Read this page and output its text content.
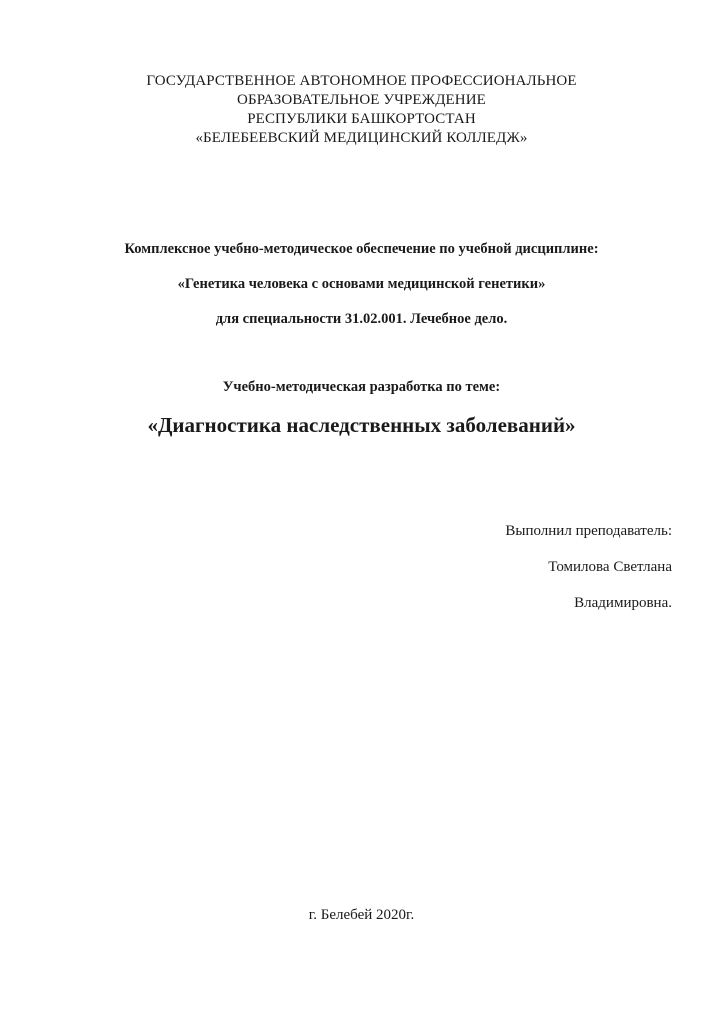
ГОСУДАРСТВЕННОЕ АВТОНОМНОЕ ПРОФЕССИОНАЛЬНОЕ
ОБРАЗОВАТЕЛЬНОЕ УЧРЕЖДЕНИЕ
РЕСПУБЛИКИ БАШКОРТОСТАН
«БЕЛЕБЕЕВСКИЙ МЕДИЦИНСКИЙ КОЛЛЕДЖ»
Комплексное учебно-методическое обеспечение по учебной дисциплине:
«Генетика человека с основами медицинской генетики»
для специальности 31.02.001. Лечебное дело.
Учебно-методическая разработка по теме:
«Диагностика наследственных заболеваний»
Выполнил преподаватель:
Томилова Светлана
Владимировна.
г. Белебей 2020г.
